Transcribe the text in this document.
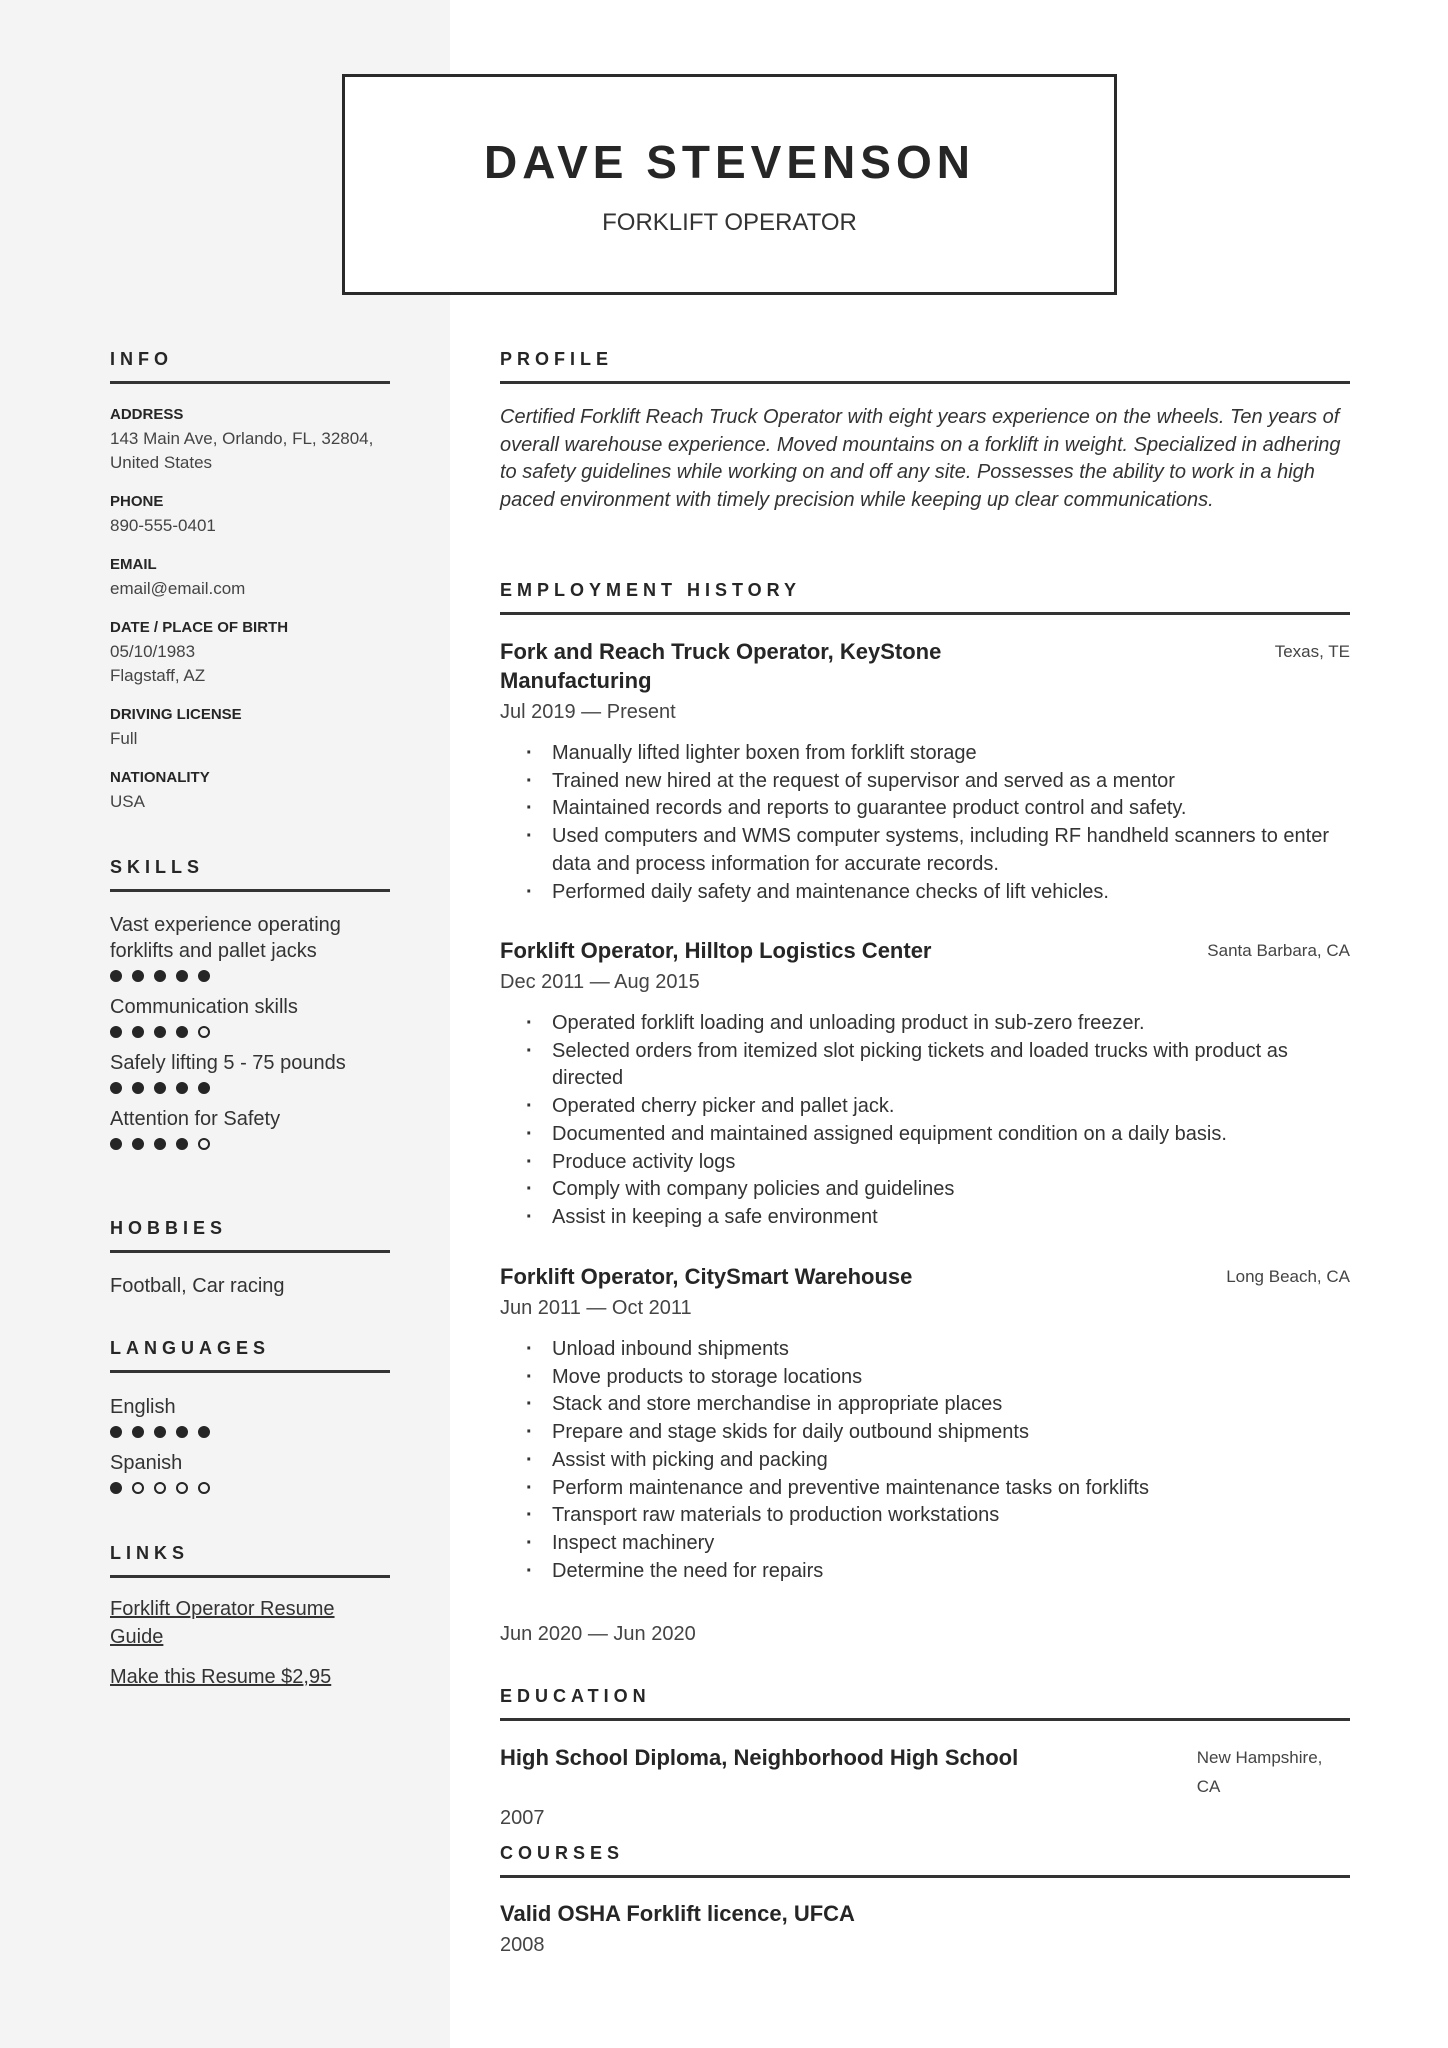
DAVE STEVENSON
FORKLIFT OPERATOR
INFO
ADDRESS
143 Main Ave, Orlando, FL, 32804,
United States
PHONE
890-555-0401
EMAIL
email@email.com
DATE / PLACE OF BIRTH
05/10/1983
Flagstaff, AZ
DRIVING LICENSE
Full
NATIONALITY
USA
SKILLS
Vast experience operating forklifts and pallet jacks
Communication skills
Safely lifting 5 - 75 pounds
Attention for Safety
HOBBIES
Football, Car racing
LANGUAGES
English
Spanish
LINKS
Forklift Operator Resume Guide
Make this Resume $2,95
PROFILE
Certified Forklift Reach Truck Operator with eight years experience on the wheels. Ten years of overall warehouse experience. Moved mountains on a forklift in weight. Specialized in adhering to safety guidelines while working on and off any site. Possesses the ability to work in a high paced environment with timely precision while keeping up clear communications.
EMPLOYMENT HISTORY
Fork and Reach Truck Operator, KeyStone Manufacturing
Texas, TE
Jul 2019 — Present
· Manually lifted lighter boxen from forklift storage
· Trained new hired at the request of supervisor and served as a mentor
· Maintained records and reports to guarantee product control and safety.
· Used computers and WMS computer systems, including RF handheld scanners to enter data and process information for accurate records.
· Performed daily safety and maintenance checks of lift vehicles.
Forklift Operator, Hilltop Logistics Center	Santa Barbara, CA
Dec 2011 — Aug 2015
· Operated forklift loading and unloading product in sub-zero freezer.
· Selected orders from itemized slot picking tickets and loaded trucks with product as directed
· Operated cherry picker and pallet jack.
· Documented and maintained assigned equipment condition on a daily basis.
· Produce activity logs
· Comply with company policies and guidelines
· Assist in keeping a safe environment
Forklift Operator, CitySmart Warehouse	Long Beach, CA
Jun 2011 — Oct 2011
· Unload inbound shipments
· Move products to storage locations
· Stack and store merchandise in appropriate places
· Prepare and stage skids for daily outbound shipments
· Assist with picking and packing
· Perform maintenance and preventive maintenance tasks on forklifts
· Transport raw materials to production workstations
· Inspect machinery
· Determine the need for repairs
Jun 2020 — Jun 2020
EDUCATION
High School Diploma, Neighborhood High School	New Hampshire, CA
2007
COURSES
Valid OSHA Forklift licence, UFCA
2008
